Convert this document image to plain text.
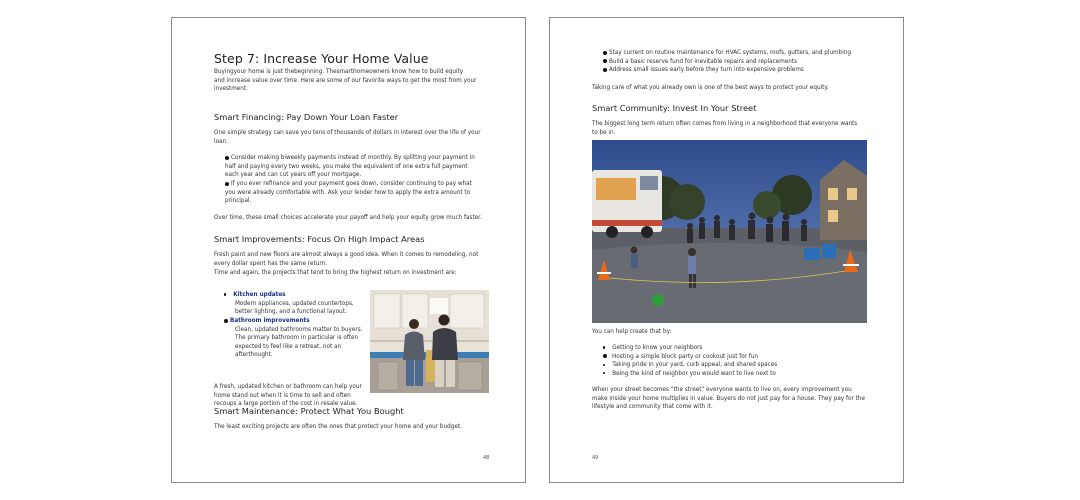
Step 7: Increase Your Home Value
Buyingyour home is just thebeginning. Thesmarthomeowners know how to build equity
and increase value over time. Here are some of our favorite ways to get the most from your
investment.
Smart Financing: Pay Down Your Loan Faster
One simple strategy can save you tens of thousands of dollars in interest over the life of your
loan.
Consider making biweekly payments instead of monthly. By splitting your payment in
half and paying every two weeks, you make the equivalent of one extra full payment
each year and can cut years off your mortgage.
If you ever refinance and your payment goes down, consider continuing to pay what
you were already comfortable with. Ask your lender how to apply the extra amount to
principal.
Over time, these small choices accelerate your payoff and help your equity grow much faster.
Smart Improvements: Focus On High Impact Areas
Fresh paint and new floors are almost always a good idea. When it comes to remodeling, not
every dollar spent has the same return.
Time and again, the projects that tend to bring the highest return on investment are:
Kitchen updates
Modern appliances, updated countertops,
better lighting, and a functional layout.
Bathroom improvements
Clean, updated bathrooms matter to buyers.
The primary bathroom in particular is often
expected to feel like a retreat, not an
afterthought.
A fresh, updated kitchen or bathroom can help your
home stand out when it is time to sell and often
recoups a large portion of the cost in resale value.
Smart Maintenance: Protect What You Bought
The least exciting projects are often the ones that protect your home and your budget.
48
Stay current on routine maintenance for HVAC systems, roofs, gutters, and plumbing
Build a basic reserve fund for inevitable repairs and replacements
Address small issues early before they turn into expensive problems
Taking care of what you already own is one of the best ways to protect your equity.
Smart Community: Invest In Your Street
The biggest long term return often comes from living in a neighborhood that everyone wants
to be in.
You can help create that by:
Getting to know your neighbors
Hosting a simple block party or cookout just for fun
Taking pride in your yard, curb appeal, and shared spaces
Being the kind of neighbor you would want to live next to
When your street becomes “the street” everyone wants to live on, every improvement you
make inside your home multiplies in value. Buyers do not just pay for a house. They pay for the
lifestyle and community that come with it.
49
